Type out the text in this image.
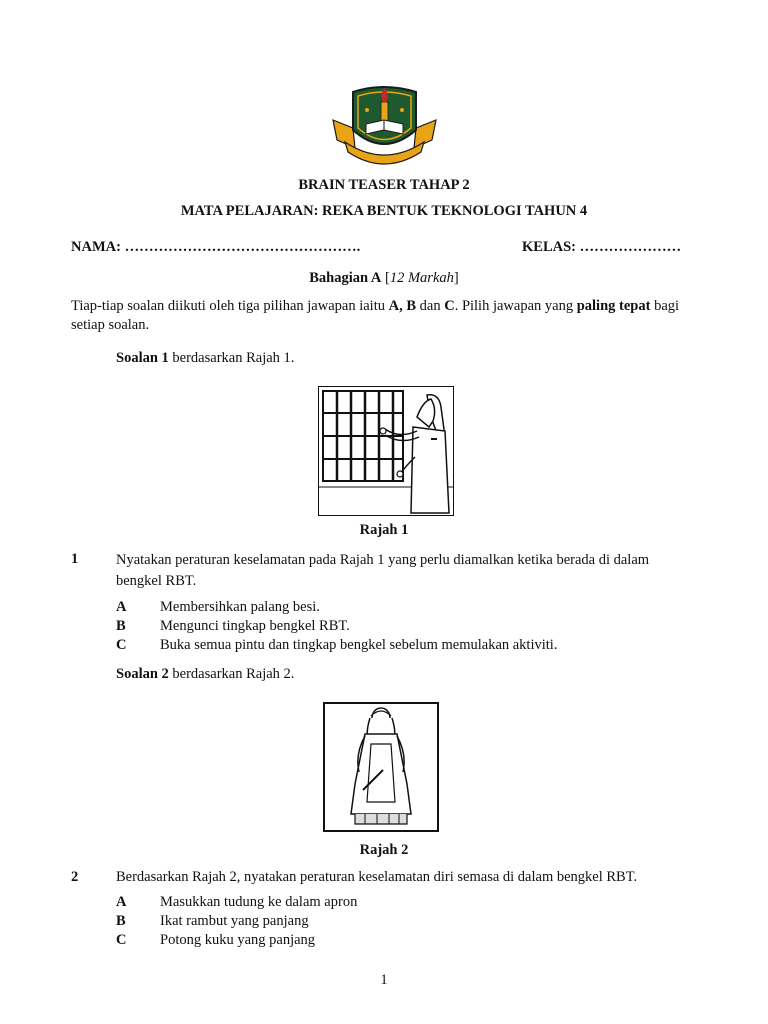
BRAIN TEASER TAHAP 2
MATA PELAJARAN: REKA BENTUK TEKNOLOGI TAHUN 4
NAMA: ………………………………………….	KELAS: …………………
Bahagian A [12 Markah]
Tiap-tiap soalan diikuti oleh tiga pilihan jawapan iaitu A, B dan C. Pilih jawapan yang paling tepat bagi
setiap soalan.
Soalan 1 berdasarkan Rajah 1.
Rajah 1
1	Nyatakan peraturan keselamatan pada Rajah 1 yang perlu diamalkan ketika berada di dalam
bengkel RBT.
A Membersihkan palang besi.
B Mengunci tingkap bengkel RBT.
C Buka semua pintu dan tingkap bengkel sebelum memulakan aktiviti.
Soalan 2 berdasarkan Rajah 2.
Rajah 2
2	Berdasarkan Rajah 2, nyatakan peraturan keselamatan diri semasa di dalam bengkel RBT.
A Masukkan tudung ke dalam apron
B Ikat rambut yang panjang
C Potong kuku yang panjang
1
